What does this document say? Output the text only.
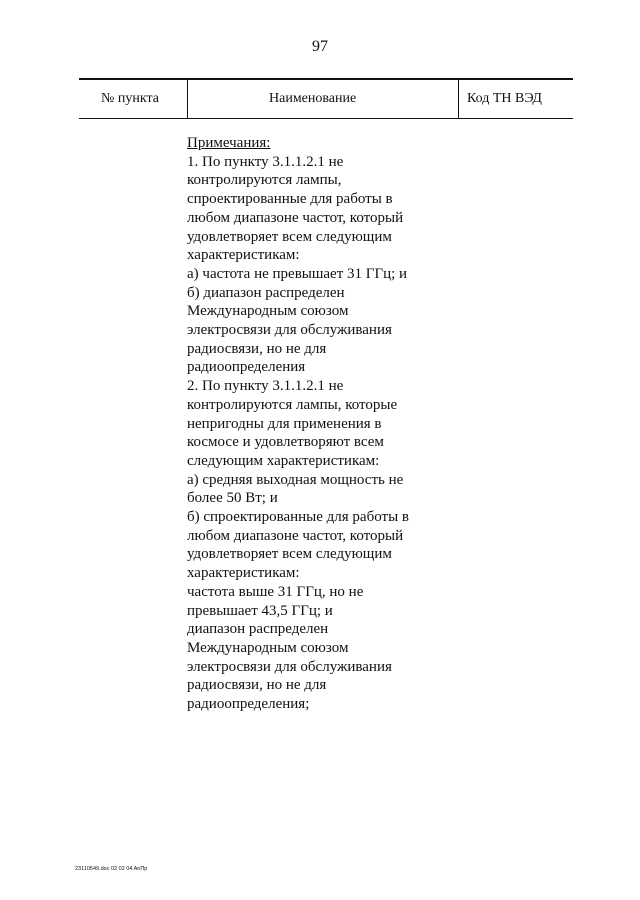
97
№ пункта	Наименование	Код ТН ВЭД
Примечания:
1. По пункту 3.1.1.2.1 не
контролируются лампы,
спроектированные для работы в
любом диапазоне частот, который
удовлетворяет всем следующим
характеристикам:
а) частота не превышает 31 ГГц; и
б) диапазон распределен
Международным союзом
электросвязи для обслуживания
радиосвязи, но не для
радиоопределения
2. По пункту 3.1.1.2.1 не
контролируются лампы, которые
непригодны для применения в
космосе и удовлетворяют всем
следующим характеристикам:
а) средняя выходная мощность не
более 50 Вт; и
б) спроектированные для работы в
любом диапазоне частот, который
удовлетворяет всем следующим
характеристикам:
частота выше 31 ГГц, но не
превышает 43,5 ГГц; и
диапазон распределен
Международным союзом
электросвязи для обслуживания
радиосвязи, но не для
радиоопределения;
23110549.doc 02 02 04 AnПр
